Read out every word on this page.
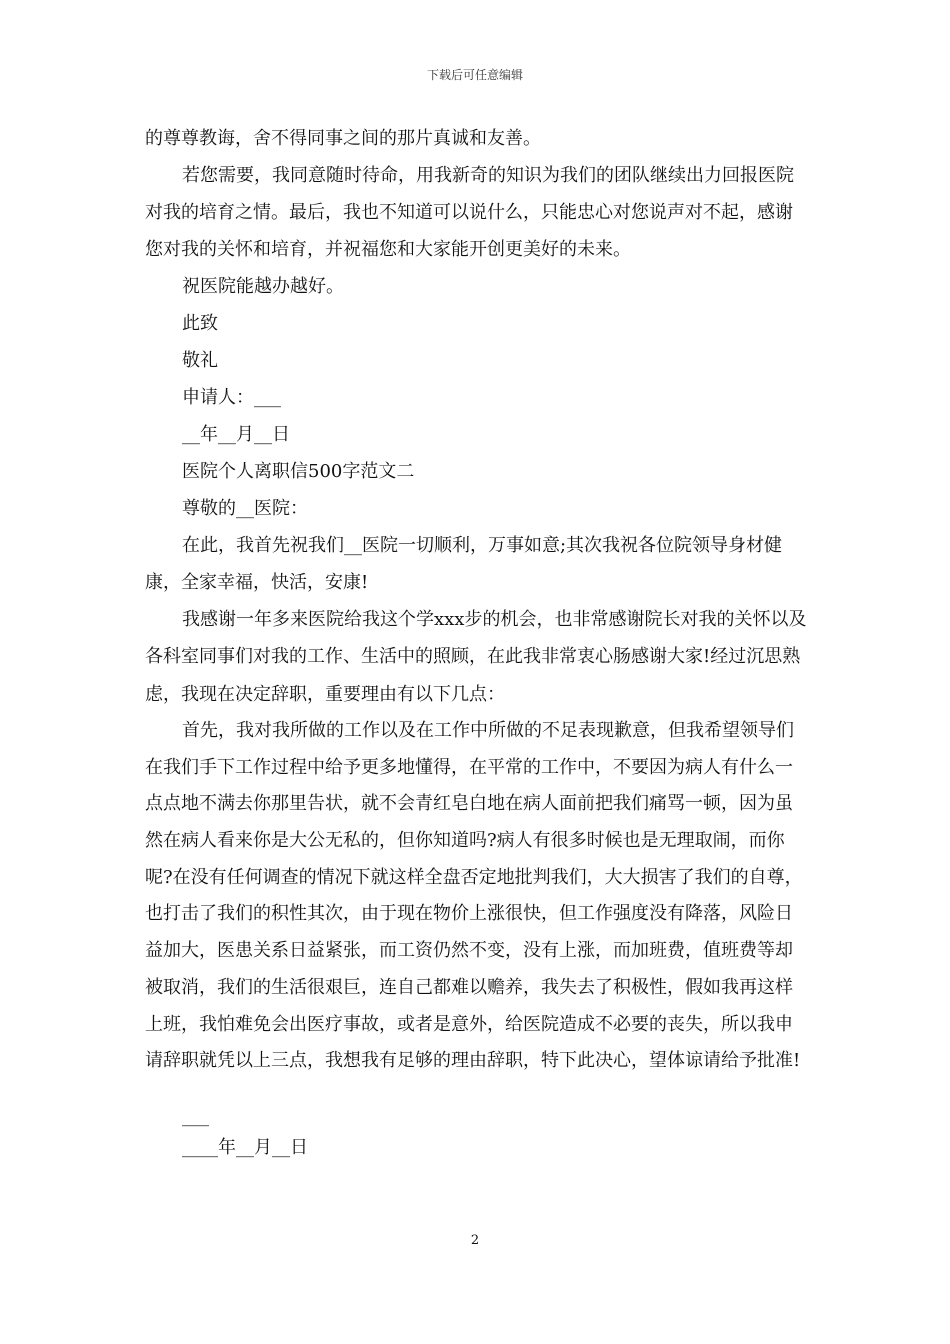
下载后可任意编辑

的尊尊教诲，舍不得同事之间的那片真诚和友善。

若您需要，我同意随时待命，用我新奇的知识为我们的团队继续出力回报医院对我的培育之情。最后，我也不知道可以说什么，只能忠心对您说声对不起，感谢您对我的关怀和培育，并祝福您和大家能开创更美好的未来。

祝医院能越办越好。

此致

敬礼

申请人：___

__年__月__日

医院个人离职信500字范文二

尊敬的__医院：

在此，我首先祝我们__医院一切顺利，万事如意;其次我祝各位院领导身材健康，全家幸福，快活，安康!

我感谢一年多来医院给我这个学xxx步的机会，也非常感谢院长对我的关怀以及各科室同事们对我的工作、生活中的照顾，在此我非常衷心肠感谢大家!经过沉思熟虑，我现在决定辞职，重要理由有以下几点：

首先，我对我所做的工作以及在工作中所做的不足表现歉意，但我希望领导们在我们手下工作过程中给予更多地懂得，在平常的工作中，不要因为病人有什么一点点地不满去你那里告状，就不会青红皂白地在病人面前把我们痛骂一顿，因为虽然在病人看来你是大公无私的，但你知道吗?病人有很多时候也是无理取闹，而你呢?在没有任何调查的情况下就这样全盘否定地批判我们，大大损害了我们的自尊，也打击了我们的积性其次，由于现在物价上涨很快，但工作强度没有降落，风险日益加大，医患关系日益紧张，而工资仍然不变，没有上涨，而加班费，值班费等却被取消，我们的生活很艰巨，连自己都难以赡养，我失去了积极性，假如我再这样上班，我怕难免会出医疗事故，或者是意外，给医院造成不必要的丧失，所以我申请辞职就凭以上三点，我想我有足够的理由辞职，特下此决心，望体谅请给予批准!

___

____年__月__日

2
